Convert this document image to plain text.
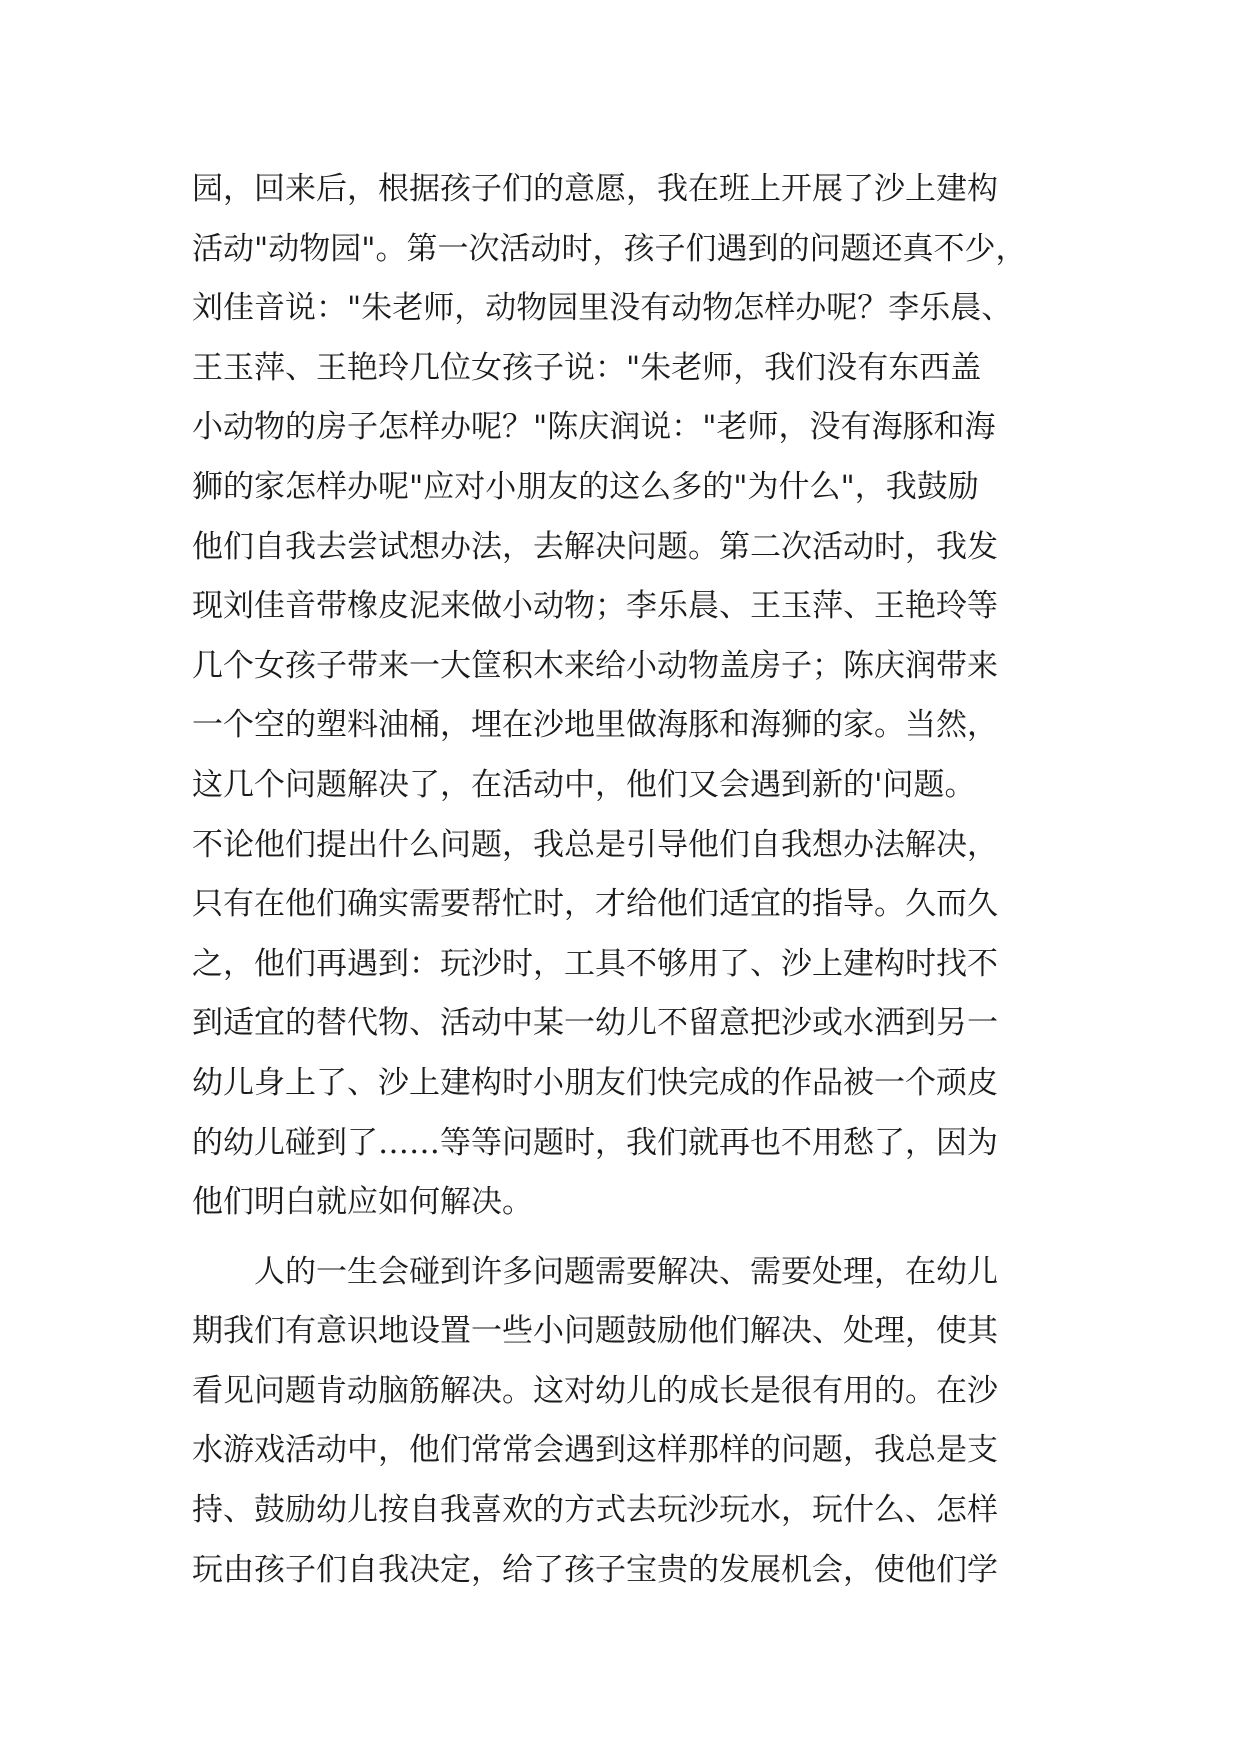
园，回来后，根据孩子们的意愿，我在班上开展了沙上建构
活动"动物园"。第一次活动时，孩子们遇到的问题还真不少，
刘佳音说："朱老师，动物园里没有动物怎样办呢？李乐晨、
王玉萍、王艳玲几位女孩子说："朱老师，我们没有东西盖
小动物的房子怎样办呢？"陈庆润说："老师，没有海豚和海
狮的家怎样办呢"应对小朋友的这么多的"为什么"，我鼓励
他们自我去尝试想办法，去解决问题。第二次活动时，我发
现刘佳音带橡皮泥来做小动物；李乐晨、王玉萍、王艳玲等
几个女孩子带来一大筐积木来给小动物盖房子；陈庆润带来
一个空的塑料油桶，埋在沙地里做海豚和海狮的家。当然，
这几个问题解决了，在活动中，他们又会遇到新的'问题。
不论他们提出什么问题，我总是引导他们自我想办法解决，
只有在他们确实需要帮忙时，才给他们适宜的指导。久而久
之，他们再遇到：玩沙时，工具不够用了、沙上建构时找不
到适宜的替代物、活动中某一幼儿不留意把沙或水洒到另一
幼儿身上了、沙上建构时小朋友们快完成的作品被一个顽皮
的幼儿碰到了……等等问题时，我们就再也不用愁了，因为
他们明白就应如何解决。
　　人的一生会碰到许多问题需要解决、需要处理，在幼儿
期我们有意识地设置一些小问题鼓励他们解决、处理，使其
看见问题肯动脑筋解决。这对幼儿的成长是很有用的。在沙
水游戏活动中，他们常常会遇到这样那样的问题，我总是支
持、鼓励幼儿按自我喜欢的方式去玩沙玩水，玩什么、怎样
玩由孩子们自我决定，给了孩子宝贵的发展机会，使他们学
